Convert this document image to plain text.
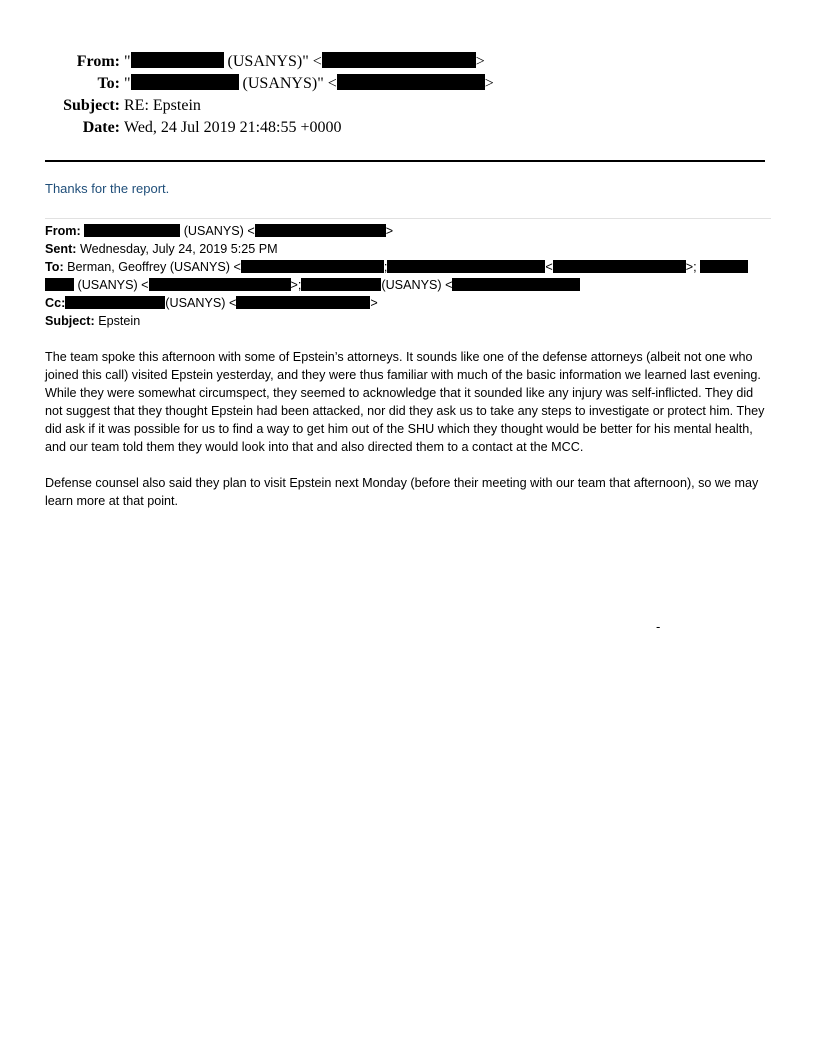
From: "	(USANYS)" <	>
To: "	(USANYS)" <	>
Subject: RE: Epstein
Date: Wed, 24 Jul 2019 21:48:55 +0000
Thanks for the report.
From:	(USANYS) <	>
Sent: Wednesday, July 24, 2019 5:25 PM
To: Berman, Geoffrey (USANYS) <	;	<	>;
(USANYS) <	>;	(USANYS) <
Cc:	(USANYS) <	>
Subject: Epstein

The team spoke this afternoon with some of Epstein’s attorneys. It sounds like one of the defense attorneys (albeit not one who joined this call) visited Epstein yesterday, and they were thus familiar with much of the basic information we learned last evening. While they were somewhat circumspect, they seemed to acknowledge that it sounded like any injury was self-inflicted. They did not suggest that they thought Epstein had been attacked, nor did they ask us to take any steps to investigate or protect him. They did ask if it was possible for us to find a way to get him out of the SHU which they thought would be better for his mental health, and our team told them they would look into that and also directed them to a contact at the MCC.

Defense counsel also said they plan to visit Epstein next Monday (before their meeting with our team that afternoon), so we may learn more at that point.

-
